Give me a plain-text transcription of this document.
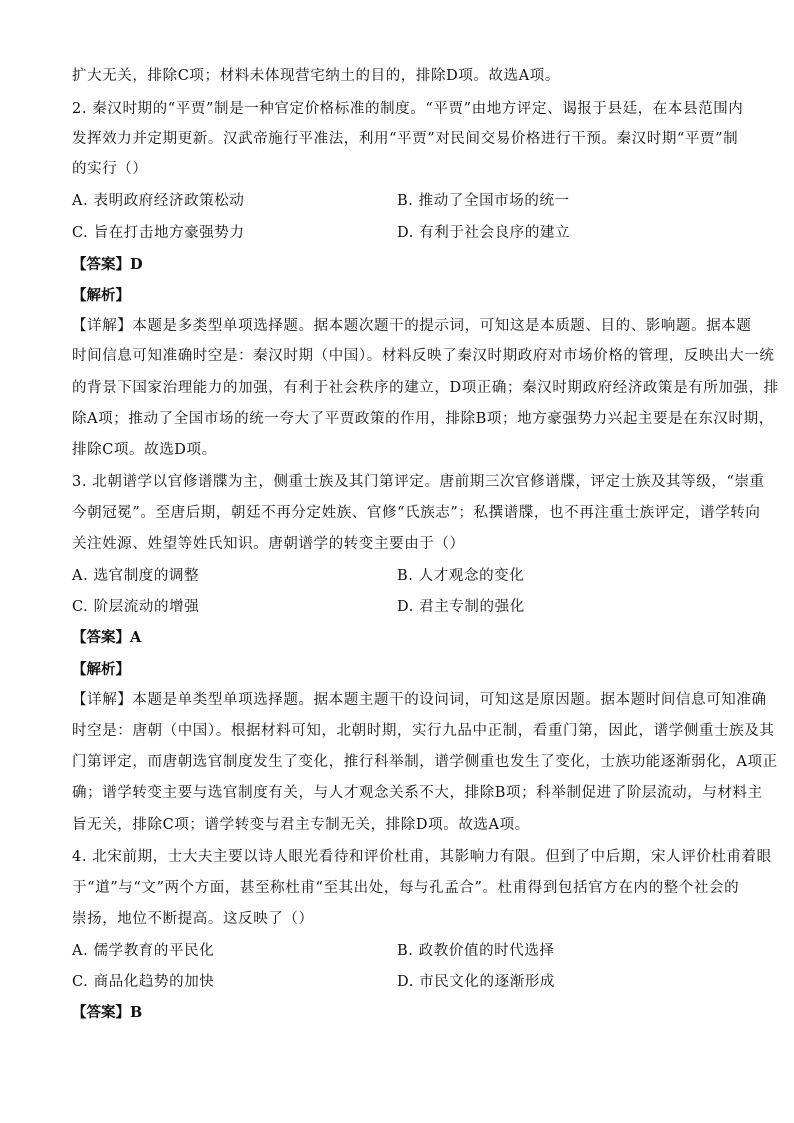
扩大无关，排除C项；材料未体现营宅纳土的目的，排除D项。故选A项。
2. 秦汉时期的“平贾”制是一种官定价格标准的制度。“平贾”由地方评定、谒报于县廷，在本县范围内
发挥效力并定期更新。汉武帝施行平准法，利用“平贾”对民间交易价格进行干预。秦汉时期“平贾”制
的实行（）
A. 表明政府经济政策松动	B. 推动了全国市场的统一
C. 旨在打击地方豪强势力	D. 有利于社会良序的建立
【答案】D
【解析】
【详解】本题是多类型单项选择题。据本题次题干的提示词，可知这是本质题、目的、影响题。据本题
时间信息可知准确时空是：秦汉时期（中国）。材料反映了秦汉时期政府对市场价格的管理，反映出大一统
的背景下国家治理能力的加强，有利于社会秩序的建立，D项正确；秦汉时期政府经济政策是有所加强，排
除A项；推动了全国市场的统一夸大了平贾政策的作用，排除B项；地方豪强势力兴起主要是在东汉时期，
排除C项。故选D项。
3. 北朝谱学以官修谱牒为主，侧重士族及其门第评定。唐前期三次官修谱牒，评定士族及其等级，“崇重
今朝冠冕”。至唐后期，朝廷不再分定姓族、官修“氏族志”；私撰谱牒，也不再注重士族评定，谱学转向
关注姓源、姓望等姓氏知识。唐朝谱学的转变主要由于（）
A. 选官制度的调整	B. 人才观念的变化
C. 阶层流动的增强	D. 君主专制的强化
【答案】A
【解析】
【详解】本题是单类型单项选择题。据本题主题干的设问词，可知这是原因题。据本题时间信息可知准确
时空是：唐朝（中国）。根据材料可知，北朝时期，实行九品中正制，看重门第，因此，谱学侧重士族及其
门第评定，而唐朝选官制度发生了变化，推行科举制，谱学侧重也发生了变化，士族功能逐渐弱化，A项正
确；谱学转变主要与选官制度有关，与人才观念关系不大，排除B项；科举制促进了阶层流动，与材料主
旨无关，排除C项；谱学转变与君主专制无关，排除D项。故选A项。
4. 北宋前期，士大夫主要以诗人眼光看待和评价杜甫，其影响力有限。但到了中后期，宋人评价杜甫着眼
于“道”与“文”两个方面，甚至称杜甫“至其出处，每与孔孟合”。杜甫得到包括官方在内的整个社会的
崇扬，地位不断提高。这反映了（）
A. 儒学教育的平民化	B. 政教价值的时代选择
C. 商品化趋势的加快	D. 市民文化的逐渐形成
【答案】B
